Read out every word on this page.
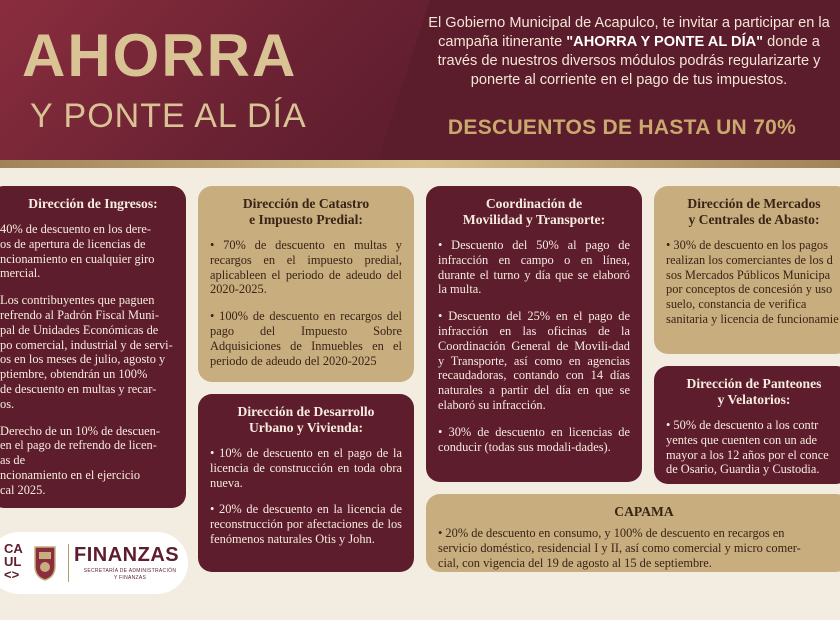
AHORRA
Y PONTE AL DÍA
El Gobierno Municipal de Acapulco, te invitar a participar en la campaña itinerante "AHORRA Y PONTE AL DÍA" donde a través de nuestros diversos módulos podrás regularizarte y ponerte al corriente en el pago de tus impuestos.
DESCUENTOS DE HASTA UN 70%
Dirección de Ingresos:

40% de descuento en los dere-
os de apertura de licencias de
ncionamiento en cualquier giro
mercial.

Los contribuyentes que paguen
refrendo al Padrón Fiscal Muni-
pal de Unidades Económicas de
po comercial, industrial y de servi-
os en los meses de julio, agosto y
ptiembre, obtendrán un 100%
de descuento en multas y recar-
os.

Derecho de un 10% de descuen-
en el pago de refrendo de licen-
as de
ncionamiento en el ejercicio
cal 2025.

Dirección de Catastro
e Impuesto Predial:

• 70% de descuento en multas y recargos en el impuesto predial, aplicableen el periodo de adeudo del 2020-2025.

• 100% de descuento en recargos del pago del Impuesto Sobre Adquisiciones de Inmuebles en el periodo de adeudo del 2020-2025

Dirección de Desarrollo
Urbano y Vivienda:

• 10% de descuento en el pago de la licencia de construcción en toda obra nueva.

• 20% de descuento en la licencia de reconstrucción por afectaciones de los fenómenos naturales Otis y John.

Coordinación de
Movilidad y Transporte:

• Descuento del 50% al pago de infracción en campo o en línea, durante el turno y día que se elaboró la multa.

• Descuento del 25% en el pago de infracción en las oficinas de la Coordinación General de Movili-dad y Transporte, así como en agencias recaudadoras, contando con 14 días naturales a partir del día en que se elaboró su infracción.

• 30% de descuento en licencias de conducir (todas sus modali-dades).

Dirección de Mercados
y Centrales de Abasto:

• 30% de descuento en los pagos
realizan los comerciantes de los d
sos Mercados Públicos Municipa
por conceptos de concesión y uso
suelo, constancia de verifica
sanitaria y licencia de funcionamie

Dirección de Panteones
y Velatorios:

• 50% de descuento a los contr
yentes que cuenten con un ade
mayor a los 12 años por el conce
de Osario, Guardia y Custodia.

CAPAMA

• 20% de descuento en consumo, y 100% de descuento en recargos en
servicio doméstico, residencial I y II, así como comercial y micro comer-
cial, con vigencia del 19 de agosto al 15 de septiembre.

CA
UL
<>
FINANZAS
SECRETARÍA DE ADMINISTRACIÓN
Y FINANZAS
